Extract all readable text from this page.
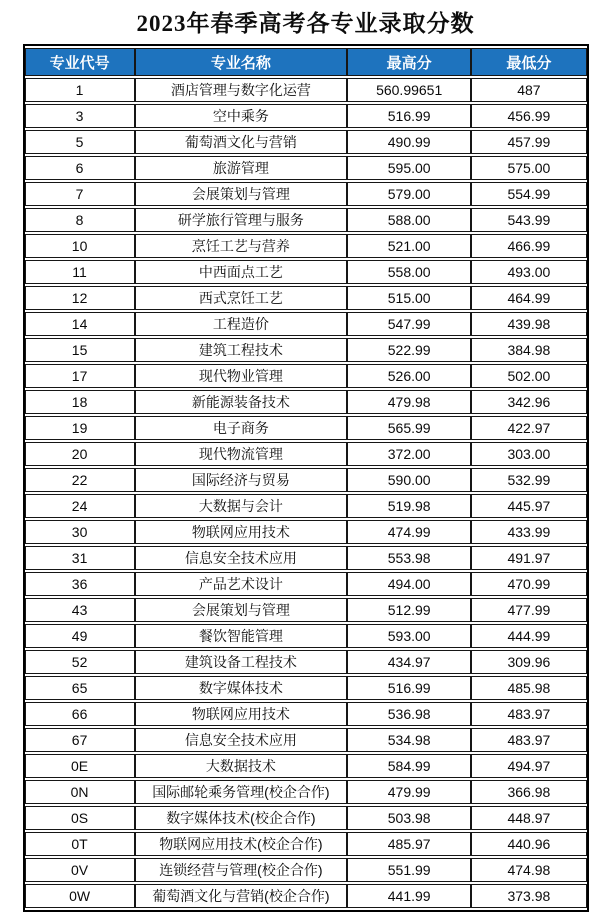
2023年春季高考各专业录取分数
专业代号	专业名称	最高分	最低分
1	酒店管理与数字化运营	560.99651	487
3	空中乘务	516.99	456.99
5	葡萄酒文化与营销	490.99	457.99
6	旅游管理	595.00	575.00
7	会展策划与管理	579.00	554.99
8	研学旅行管理与服务	588.00	543.99
10	烹饪工艺与营养	521.00	466.99
11	中西面点工艺	558.00	493.00
12	西式烹饪工艺	515.00	464.99
14	工程造价	547.99	439.98
15	建筑工程技术	522.99	384.98
17	现代物业管理	526.00	502.00
18	新能源装备技术	479.98	342.96
19	电子商务	565.99	422.97
20	现代物流管理	372.00	303.00
22	国际经济与贸易	590.00	532.99
24	大数据与会计	519.98	445.97
30	物联网应用技术	474.99	433.99
31	信息安全技术应用	553.98	491.97
36	产品艺术设计	494.00	470.99
43	会展策划与管理	512.99	477.99
49	餐饮智能管理	593.00	444.99
52	建筑设备工程技术	434.97	309.96
65	数字媒体技术	516.99	485.98
66	物联网应用技术	536.98	483.97
67	信息安全技术应用	534.98	483.97
0E	大数据技术	584.99	494.97
0N	国际邮轮乘务管理(校企合作)	479.99	366.98
0S	数字媒体技术(校企合作)	503.98	448.97
0T	物联网应用技术(校企合作)	485.97	440.96
0V	连锁经营与管理(校企合作)	551.99	474.98
0W	葡萄酒文化与营销(校企合作)	441.99	373.98
